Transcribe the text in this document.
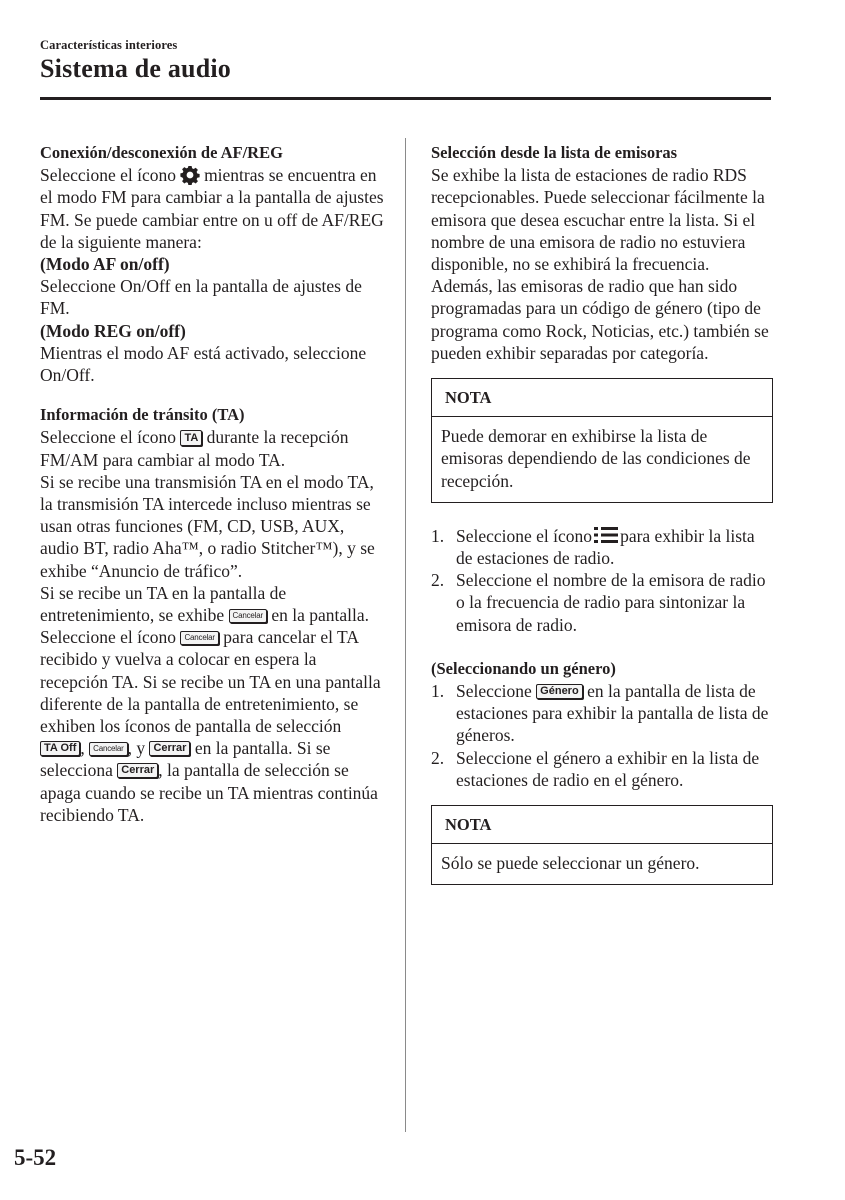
Características interiores
Sistema de audio

Conexión/desconexión de AF/REG

Seleccione el ícono mientras se encuentra en el modo FM para cambiar a la pantalla de ajustes FM. Se puede cambiar entre on u off de AF/REG de la siguiente manera:

(Modo AF on/off)

Seleccione On/Off en la pantalla de ajustes de FM.

(Modo REG on/off)

Mientras el modo AF está activado, seleccione On/Off.

Información de tránsito (TA)

Seleccione el ícono TA durante la recepción FM/AM para cambiar al modo TA.

Si se recibe una transmisión TA en el modo TA, la transmisión TA intercede incluso mientras se usan otras funciones (FM, CD, USB, AUX, audio BT, radio Aha™, o radio Stitcher™), y se exhibe “Anuncio de tráfico”.

Si se recibe un TA en la pantalla de entretenimiento, se exhibe Cancelar en la pantalla. Seleccione el ícono Cancelar para cancelar el TA recibido y vuelva a colocar en espera la recepción TA. Si se recibe un TA en una pantalla diferente de la pantalla de entretenimiento, se exhiben los íconos de pantalla de selección TA Off , Cancelar , y Cerrar en la pantalla. Si se selecciona Cerrar , la pantalla de selección se apaga cuando se recibe un TA mientras continúa recibiendo TA.

Selección desde la lista de emisoras

Se exhibe la lista de estaciones de radio RDS recepcionables. Puede seleccionar fácilmente la emisora que desea escuchar entre la lista. Si el nombre de una emisora de radio no estuviera disponible, no se exhibirá la frecuencia. Además, las emisoras de radio que han sido programadas para un código de género (tipo de programa como Rock, Noticias, etc.) también se pueden exhibir separadas por categoría.

NOTA
Puede demorar en exhibirse la lista de emisoras dependiendo de las condiciones de recepción.
1. Seleccione el ícono para exhibir la lista de estaciones de radio.
2. Seleccione el nombre de la emisora de radio o la frecuencia de radio para sintonizar la emisora de radio.

(Seleccionando un género)

1. Seleccione Género en la pantalla de lista de estaciones para exhibir la pantalla de lista de géneros.
2. Seleccione el género a exhibir en la lista de estaciones de radio en el género.
NOTA
Sólo se puede seleccionar un género.
5-52
